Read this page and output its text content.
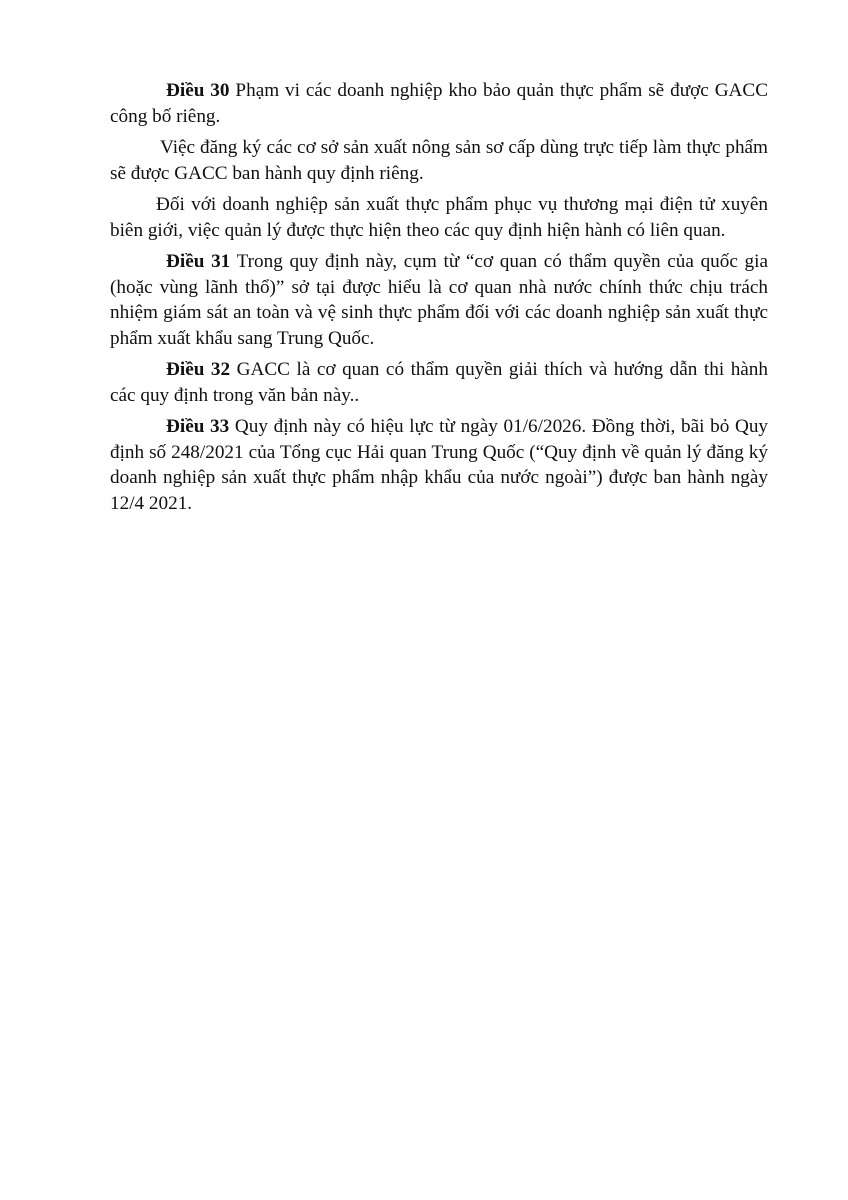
Điều 30 Phạm vi các doanh nghiệp kho bảo quản thực phẩm sẽ được GACC công bố riêng.

Việc đăng ký các cơ sở sản xuất nông sản sơ cấp dùng trực tiếp làm thực phẩm sẽ được GACC ban hành quy định riêng.

Đối với doanh nghiệp sản xuất thực phẩm phục vụ thương mại điện tử xuyên biên giới, việc quản lý được thực hiện theo các quy định hiện hành có liên quan.

Điều 31 Trong quy định này, cụm từ “cơ quan có thẩm quyền của quốc gia (hoặc vùng lãnh thổ)” sở tại được hiểu là cơ quan nhà nước chính thức chịu trách nhiệm giám sát an toàn và vệ sinh thực phẩm đối với các doanh nghiệp sản xuất thực phẩm xuất khẩu sang Trung Quốc.

Điều 32 GACC là cơ quan có thẩm quyền giải thích và hướng dẫn thi hành các quy định trong văn bản này..

Điều 33 Quy định này có hiệu lực từ ngày 01/6/2026. Đồng thời, bãi bỏ Quy định số 248/2021 của Tổng cục Hải quan Trung Quốc (“Quy định về quản lý đăng ký doanh nghiệp sản xuất thực phẩm nhập khẩu của nước ngoài”) được ban hành ngày 12/4 2021.
